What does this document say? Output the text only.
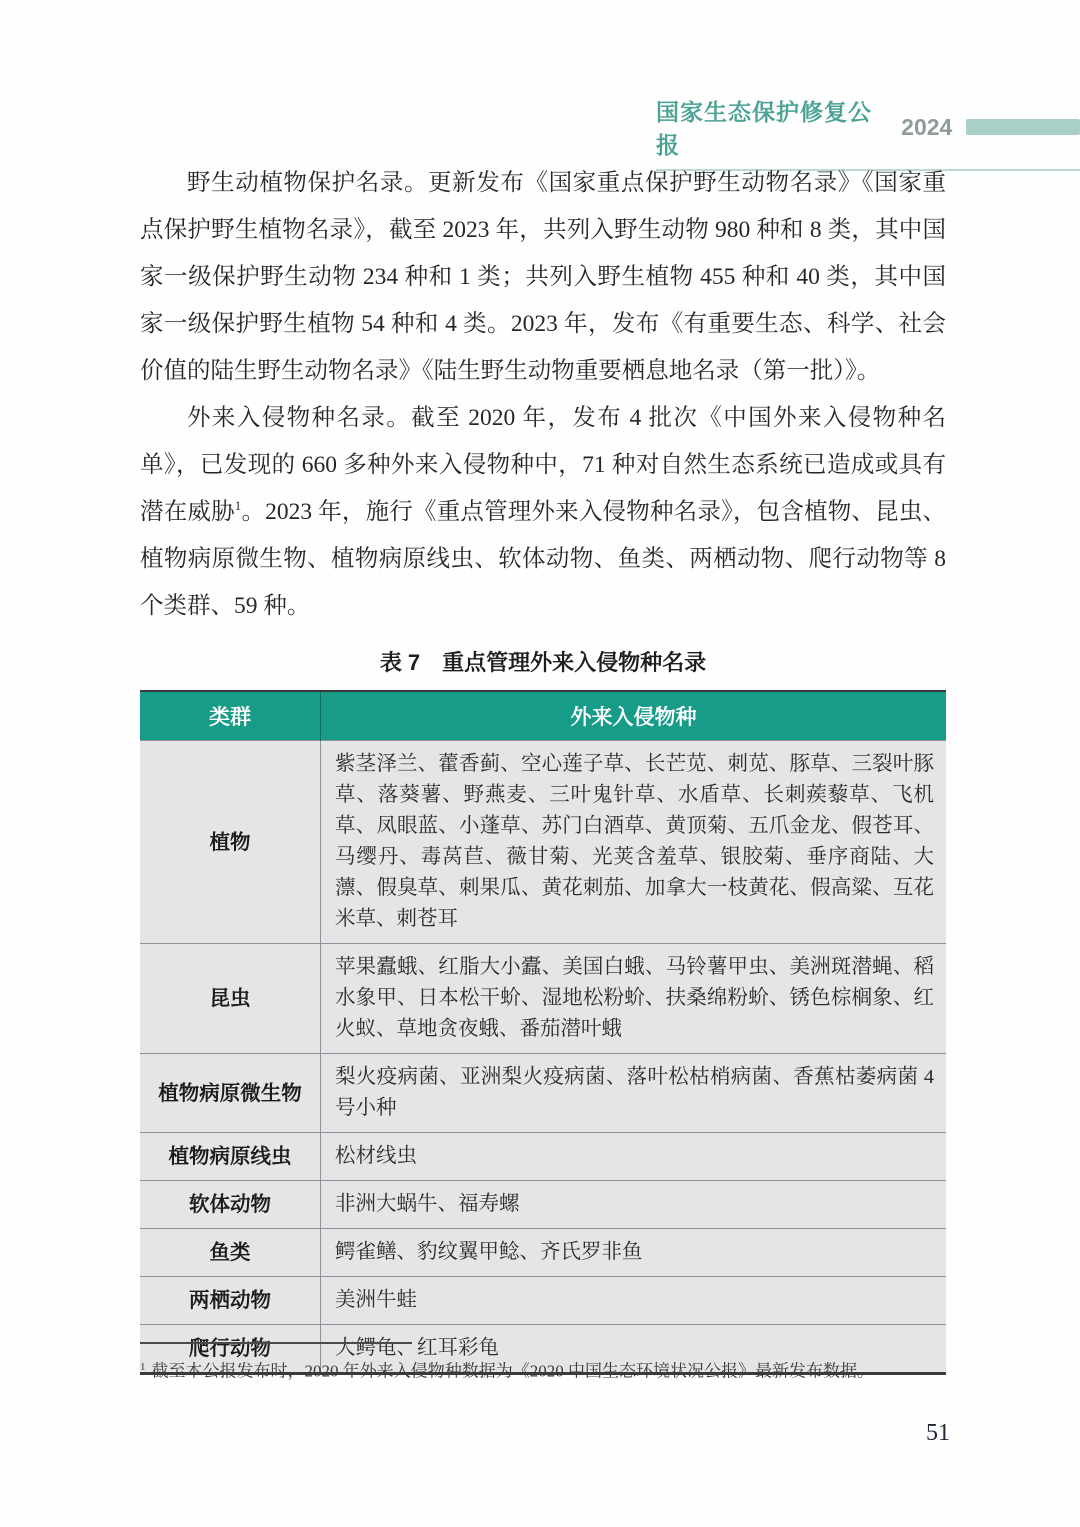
国家生态保护修复公报
2024

野生动植物保护名录。更新发布《国家重点保护野生动物名录》《国家重点保护野生植物名录》，截至 2023 年，共列入野生动物 980 种和 8 类，其中国家一级保护野生动物 234 种和 1 类；共列入野生植物 455 种和 40 类，其中国家一级保护野生植物 54 种和 4 类。2023 年，发布《有重要生态、科学、社会价值的陆生野生动物名录》《陆生野生动物重要栖息地名录（第一批）》。

外来入侵物种名录。截至 2020 年，发布 4 批次《中国外来入侵物种名单》，已发现的 660 多种外来入侵物种中，71 种对自然生态系统已造成或具有潜在威胁$^1$。2023 年，施行《重点管理外来入侵物种名录》，包含植物、昆虫、植物病原微生物、植物病原线虫、软体动物、鱼类、两栖动物、爬行动物等 8 个类群、59 种。

表 7　重点管理外来入侵物种名录
类群	外来入侵物种
植物	紫茎泽兰、藿香蓟、空心莲子草、长芒苋、刺苋、豚草、三裂叶豚草、落葵薯、野燕麦、三叶鬼针草、水盾草、长刺蒺藜草、飞机草、凤眼蓝、小蓬草、苏门白酒草、黄顶菊、五爪金龙、假苍耳、马缨丹、毒莴苣、薇甘菊、光荚含羞草、银胶菊、垂序商陆、大薸、假臭草、刺果瓜、黄花刺茄、加拿大一枝黄花、假高粱、互花米草、刺苍耳
昆虫	苹果蠹蛾、红脂大小蠹、美国白蛾、马铃薯甲虫、美洲斑潜蝇、稻水象甲、日本松干蚧、湿地松粉蚧、扶桑绵粉蚧、锈色棕榈象、红火蚁、草地贪夜蛾、番茄潜叶蛾
植物病原微生物	梨火疫病菌、亚洲梨火疫病菌、落叶松枯梢病菌、香蕉枯萎病菌 4 号小种
植物病原线虫	松材线虫
软体动物	非洲大蜗牛、福寿螺
鱼类	鳄雀鳝、豹纹翼甲鲶、齐氏罗非鱼
两栖动物	美洲牛蛙
爬行动物	大鳄龟、红耳彩龟
$^1$ 截至本公报发布时，2020 年外来入侵物种数据为《2020 中国生态环境状况公报》最新发布数据。
51
